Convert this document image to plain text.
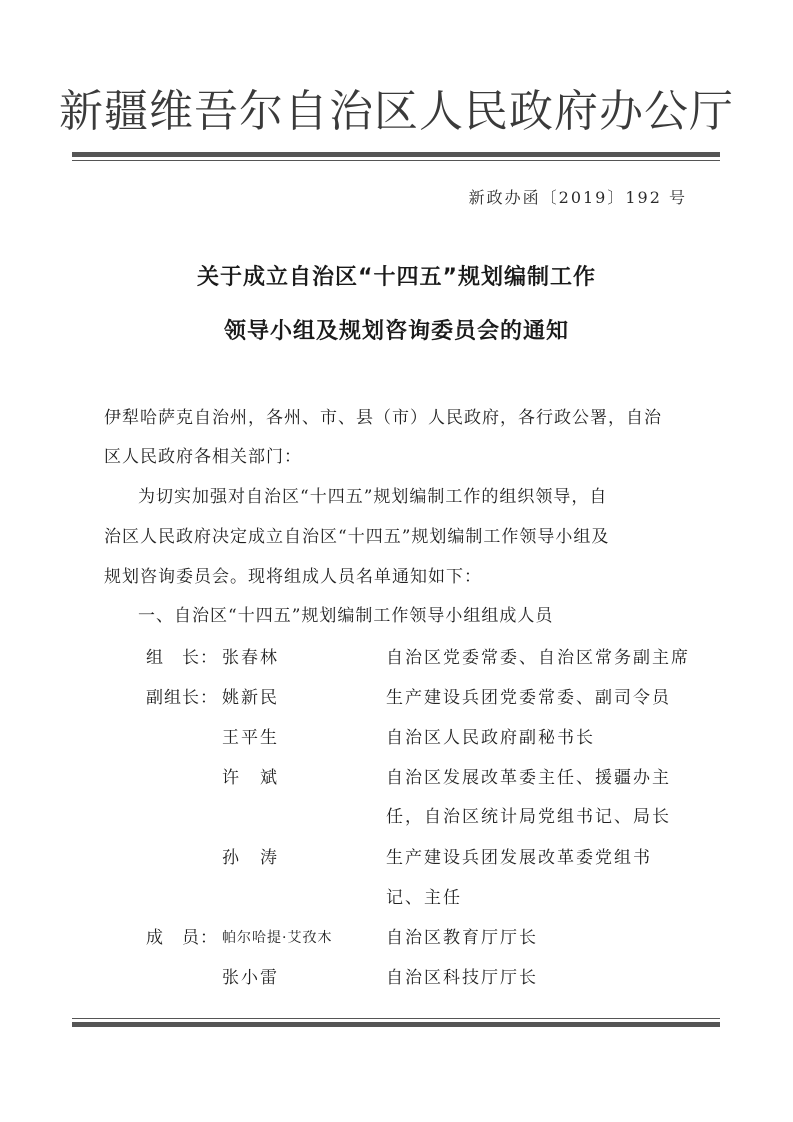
新疆维吾尔自治区人民政府办公厅
新政办函〔2019〕192 号
关于成立自治区“十四五”规划编制工作
领导小组及规划咨询委员会的通知
伊犁哈萨克自治州，各州、市、县（市）人民政府，各行政公署，自治
区人民政府各相关部门：
为切实加强对自治区“十四五”规划编制工作的组织领导，自
治区人民政府决定成立自治区“十四五”规划编制工作领导小组及
规划咨询委员会。现将组成人员名单通知如下：
一、自治区“十四五”规划编制工作领导小组组成人员
组　长： 张春林	自治区党委常委、自治区常务副主席
副组长： 姚新民	生产建设兵团党委常委、副司令员
王平生	自治区人民政府副秘书长
许　斌	自治区发展改革委主任、援疆办主
任，自治区统计局党组书记、局长
孙　涛	生产建设兵团发展改革委党组书
记、主任
成　员： 帕尔哈提·艾孜木	自治区教育厅厅长
张小雷	自治区科技厅厅长
